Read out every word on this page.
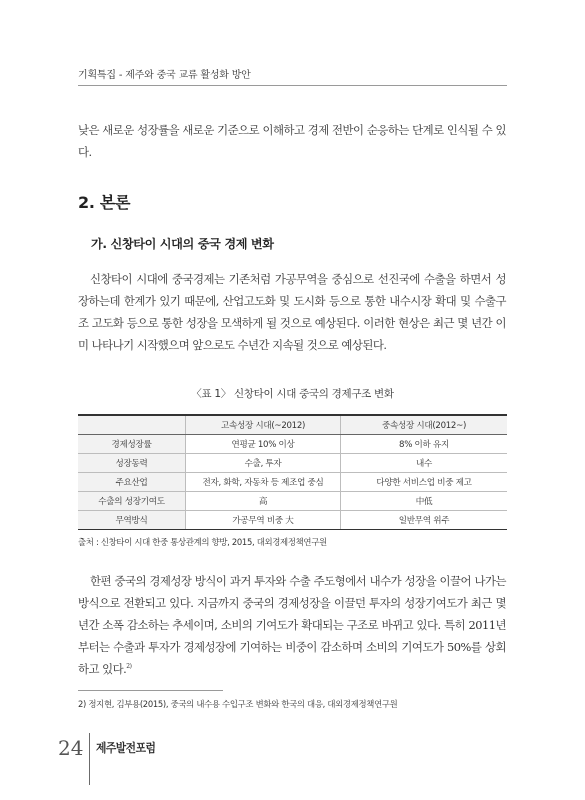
기획특집 - 제주와 중국 교류 활성화 방안

낮은 새로운 성장률을 새로운 기준으로 이해하고 경제 전반이 순응하는 단계로 인식될 수 있다.

2. 본론
가. 신창타이 시대의 중국 경제 변화

신창타이 시대에 중국경제는 기존처럼 가공무역을 중심으로 선진국에 수출을 하면서 성장하는데 한계가 있기 때문에, 산업고도화 및 도시화 등으로 통한 내수시장 확대 및 수출구조 고도화 등으로 통한 성장을 모색하게 될 것으로 예상된다. 이러한 현상은 최근 몇 년간 이미 나타나기 시작했으며 앞으로도 수년간 지속될 것으로 예상된다.

〈표 1〉 신창타이 시대 중국의 경제구조 변화
	고속성장 시대(~2012)	중속성장 시대(2012~)
경제성장률	연평균 10% 이상	8% 이하 유지
성장동력	수출, 투자	내수
주요산업	전자, 화학, 자동차 등 제조업 중심	다양한 서비스업 비중 제고
수출의 성장기여도	高	中低
무역방식	가공무역 비중 大	일반무역 위주
출처 : 신창타이 시대 한중 통상관계의 향방, 2015, 대외경제정책연구원

한편 중국의 경제성장 방식이 과거 투자와 수출 주도형에서 내수가 성장을 이끌어 나가는 방식으로 전환되고 있다. 지금까지 중국의 경제성장을 이끌던 투자의 성장기여도가 최근 몇 년간 소폭 감소하는 추세이며, 소비의 기여도가 확대되는 구조로 바뀌고 있다. 특히 2011년부터는 수출과 투자가 경제성장에 기여하는 비중이 감소하며 소비의 기여도가 50%를 상회하고 있다.$^{2)}$

2) 정지현, 김부용(2015), 중국의 내수용 수입구조 변화와 한국의 대응, 대외경제정책연구원
24 제주발전포럼
